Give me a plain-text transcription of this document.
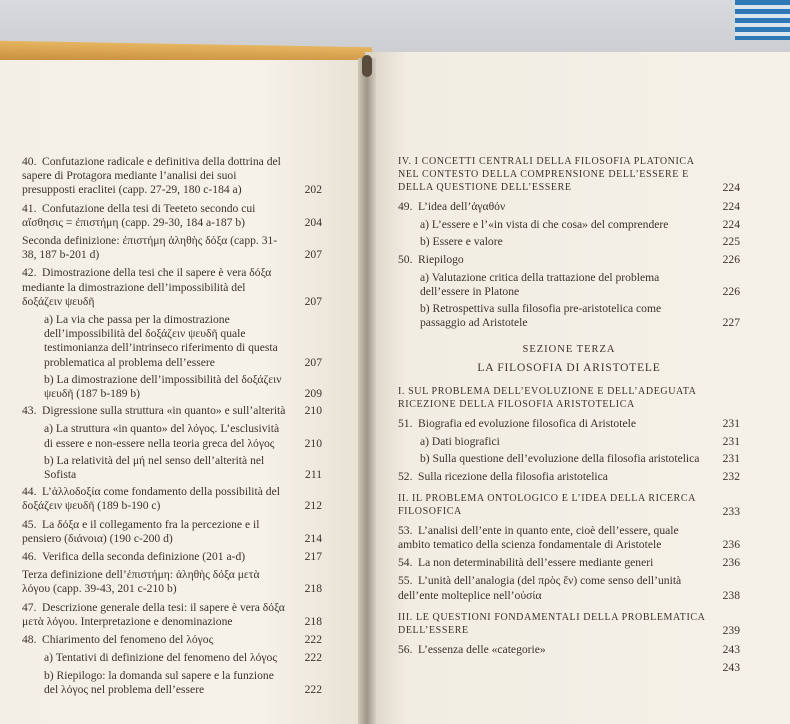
40. Confutazione radicale e definitiva della dottrina del sapere di Protagora mediante l’analisi dei suoi presupposti eraclitei (capp. 27-29, 180 c-184 a)	202
41. Confutazione della tesi di Teeteto secondo cui αἴσθησις = ἐπιστήμη (capp. 29-30, 184 a-187 b)	204
Seconda definizione: ἐπιστήμη ἀληθὴς δόξα (capp. 31-38, 187 b-201 d)	207
42. Dimostrazione della tesi che il sapere è vera δόξα mediante la dimostrazione dell’impossibilità del δοξάζειν ψευδῆ	207
a) La via che passa per la dimostrazione dell’impossibilità del δοξάζειν ψευδῆ quale testimonianza dell’intrinseco riferimento di questa problematica al problema dell’essere	207
b) La dimostrazione dell’impossibilità del δοξάζειν ψευδῆ (187 b-189 b)	209
43. Digressione sulla struttura «in quanto» e sull’alterità 210
a) La struttura «in quanto» del λόγος. L’esclusività di essere e non-essere nella teoria greca del λόγος	210
b) La relatività del μή nel senso dell’alterità nel Sofista	211
44. L’ἀλλοδοξία come fondamento della possibilità del δοξάζειν ψευδῆ (189 b-190 c)	212
45. La δόξα e il collegamento fra la percezione e il pensiero (διάνοια) (190 c-200 d)	214
46. Verifica della seconda definizione (201 a-d)	217
Terza definizione dell’ἐπιστήμη: ἀληθὴς δόξα μετὰ λόγου (capp. 39-43, 201 c-210 b)	218
47. Descrizione generale della tesi: il sapere è vera δόξα μετὰ λόγου. Interpretazione e denominazione	218
48. Chiarimento del fenomeno del λόγος	222
a) Tentativi di definizione del fenomeno del λόγος 222
b) Riepilogo: la domanda sul sapere e la funzione del λόγος nel problema dell’essere	222
IV. I CONCETTI CENTRALI DELLA FILOSOFIA PLATONICA NEL CONTESTO DELLA COMPRENSIONE DELL’ESSERE E DELLA QUESTIONE DELL’ESSERE	224
49. L’idea dell’ἀγαθόν	224
a) L’essere e l’«in vista di che cosa» del comprendere	224
b) Essere e valore	225
50. Riepilogo	226
a) Valutazione critica della trattazione del problema dell’essere in Platone	226
b) Retrospettiva sulla filosofia pre-aristotelica come passaggio ad Aristotele	227
SEZIONE TERZA
LA FILOSOFIA DI ARISTOTELE
I. SUL PROBLEMA DELL’EVOLUZIONE E DELL’ADEGUATA RICEZIONE DELLA FILOSOFIA ARISTOTELICA
51. Biografia ed evoluzione filosofica di Aristotele	231
a) Dati biografici	231
b) Sulla questione dell’evoluzione della filosofia aristotelica 231
52. Sulla ricezione della filosofia aristotelica	232
II. IL PROBLEMA ONTOLOGICO E L’IDEA DELLA RICERCA FILOSOFICA	233
53. L’analisi dell’ente in quanto ente, cioè dell’essere, quale ambito tematico della scienza fondamentale di Aristotele	236
54. La non determinabilità dell’essere mediante generi	236
55. L’unità dell’analogia (del πρὸς ἕν) come senso dell’unità dell’ente molteplice nell’οὐσία	238
III. LE QUESTIONI FONDAMENTALI DELLA PROBLEMATICA DELL’ESSERE	239
56. L’essenza delle «categorie»	243
243
